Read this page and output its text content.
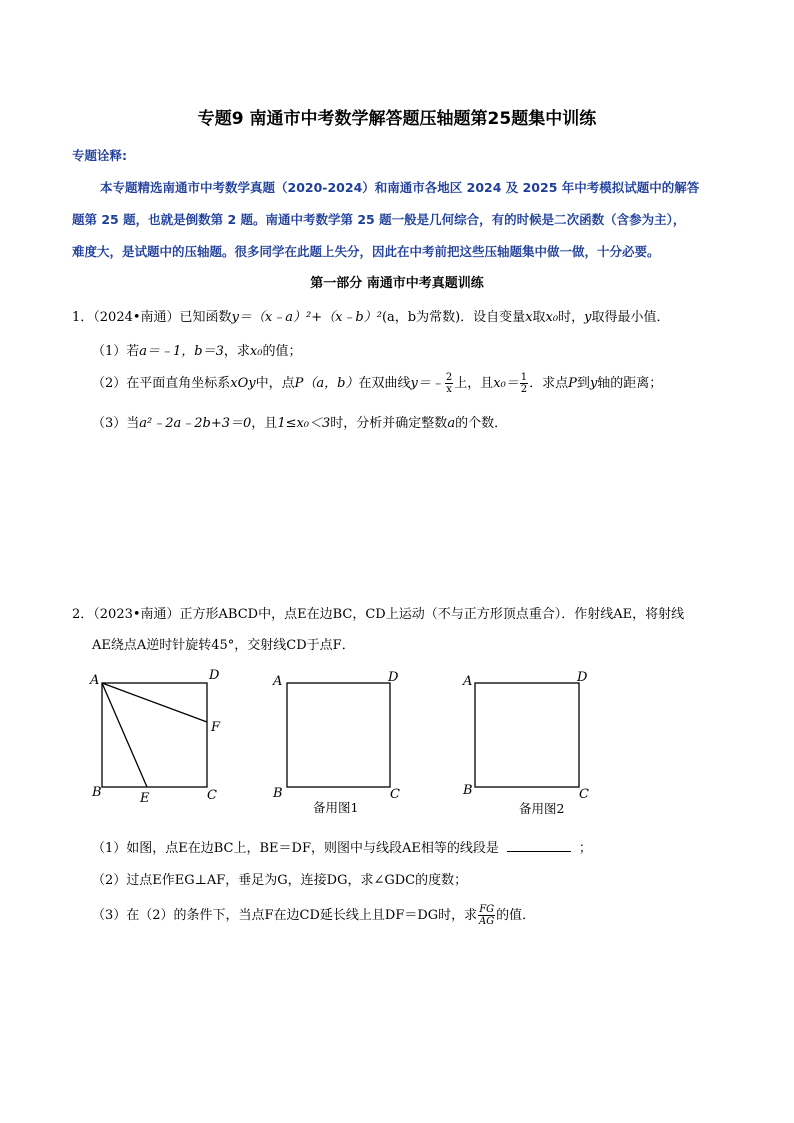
专题9 南通市中考数学解答题压轴题第25题集中训练
专题诠释:
本专题精选南通市中考数学真题（2020-2024）和南通市各地区 2024 及 2025 年中考模拟试题中的解答
题第 25 题，也就是倒数第 2 题。南通中考数学第 25 题一般是几何综合，有的时候是二次函数（含参为主），
难度大，是试题中的压轴题。很多同学在此题上失分，因此在中考前把这些压轴题集中做一做，十分必要。
第一部分 南通市中考真题训练
1．（2024•南通）已知函数y＝（x﹣a）²+（x﹣b）²(a，b为常数)．设自变量x取x₀时，y取得最小值．
（1）若a＝﹣1，b＝3，求x₀的值；
（2）在平面直角坐标系xOy中，点P（a，b）在双曲线y＝﹣ $\frac{2}{x}$ 上，且$x_0= \frac{1}{2}$ ．求点P到y轴的距离；
（3）当a²﹣2a﹣2b+3＝0，且1≤x₀＜3时，分析并确定整数a的个数．
2．（2023•南通）正方形ABCD中，点E在边BC，CD上运动（不与正方形顶点重合）．作射线AE，将射线
AE绕点A逆时针旋转45°，交射线CD于点F．
A	D
F
B	E	C
A	D
B	C
备用图1
A	D
B	C
备用图2
（1）如图，点E在边BC上，BE＝DF，则图中与线段AE相等的线段是	；
（2）过点E作EG⊥AF，垂足为G，连接DG，求∠GDC的度数；
（3）在（2）的条件下，当点F在边CD延长线上且DF＝DG时，求 $\frac{FG}{AG}$ 的值．
